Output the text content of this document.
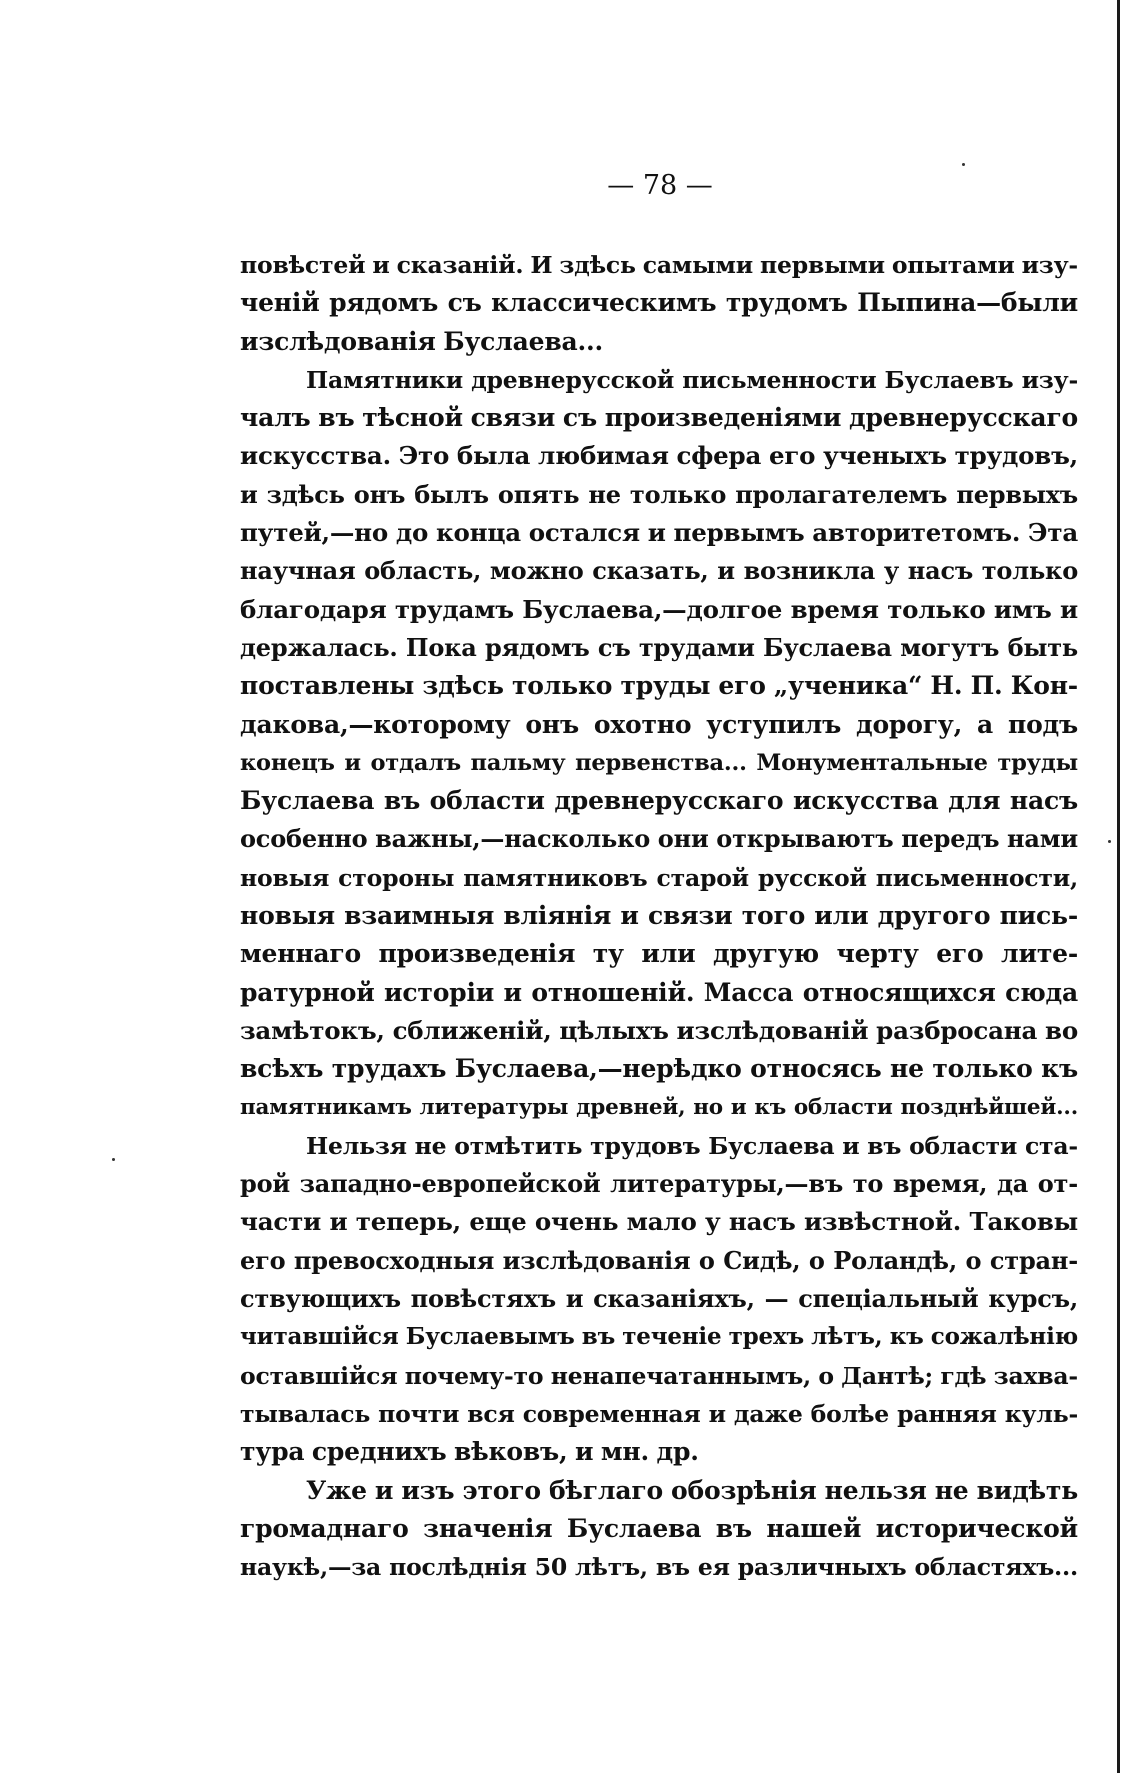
— 78 —
повѣстей и сказаній. И здѣсь самыми первыми опытами изу-
ченій рядомъ съ классическимъ трудомъ Пыпина—были
изслѣдованія Буслаева...
Памятники древнерусской письменности Буслаевъ изу-
чалъ въ тѣсной связи съ произведеніями древнерусскаго
искусства. Это была любимая сфера его ученыхъ трудовъ,
и здѣсь онъ былъ опять не только пролагателемъ первыхъ
путей,—но до конца остался и первымъ авторитетомъ. Эта
научная область, можно сказать, и возникла у насъ только
благодаря трудамъ Буслаева,—долгое время только имъ и
держалась. Пока рядомъ съ трудами Буслаева могутъ быть
поставлены здѣсь только труды его „ученика“ Н. П. Кон-
дакова,—которому онъ охотно уступилъ дорогу, а подъ
конецъ и отдалъ пальму первенства... Монументальные труды
Буслаева въ области древнерусскаго искусства для насъ
особенно важны,—насколько они открываютъ передъ нами
новыя стороны памятниковъ старой русской письменности,
новыя взаимныя вліянія и связи того или другого пись-
меннаго произведенія ту или другую черту его лите-
ратурной исторіи и отношеній. Масса относящихся сюда
замѣтокъ, сближеній, цѣлыхъ изслѣдованій разбросана во
всѣхъ трудахъ Буслаева,—нерѣдко относясь не только къ
памятникамъ литературы древней, но и къ области позднѣйшей...
Нельзя не отмѣтить трудовъ Буслаева и въ области ста-
рой западно-европейской литературы,—въ то время, да от-
части и теперь, еще очень мало у насъ извѣстной. Таковы
его превосходныя изслѣдованія о Сидѣ, о Роландѣ, о стран-
ствующихъ повѣстяхъ и сказаніяхъ, — спеціальный курсъ,
читавшійся Буслаевымъ въ теченіе трехъ лѣтъ, къ сожалѣнію
оставшійся почему-то ненапечатаннымъ, о Дантѣ; гдѣ захва-
тывалась почти вся современная и даже болѣе ранняя куль-
тура среднихъ вѣковъ, и мн. др.
Уже и изъ этого бѣглаго обозрѣнія нельзя не видѣть
громаднаго значенія Буслаева въ нашей исторической
наукѣ,—за послѣднія 50 лѣтъ, въ ея различныхъ областяхъ...
